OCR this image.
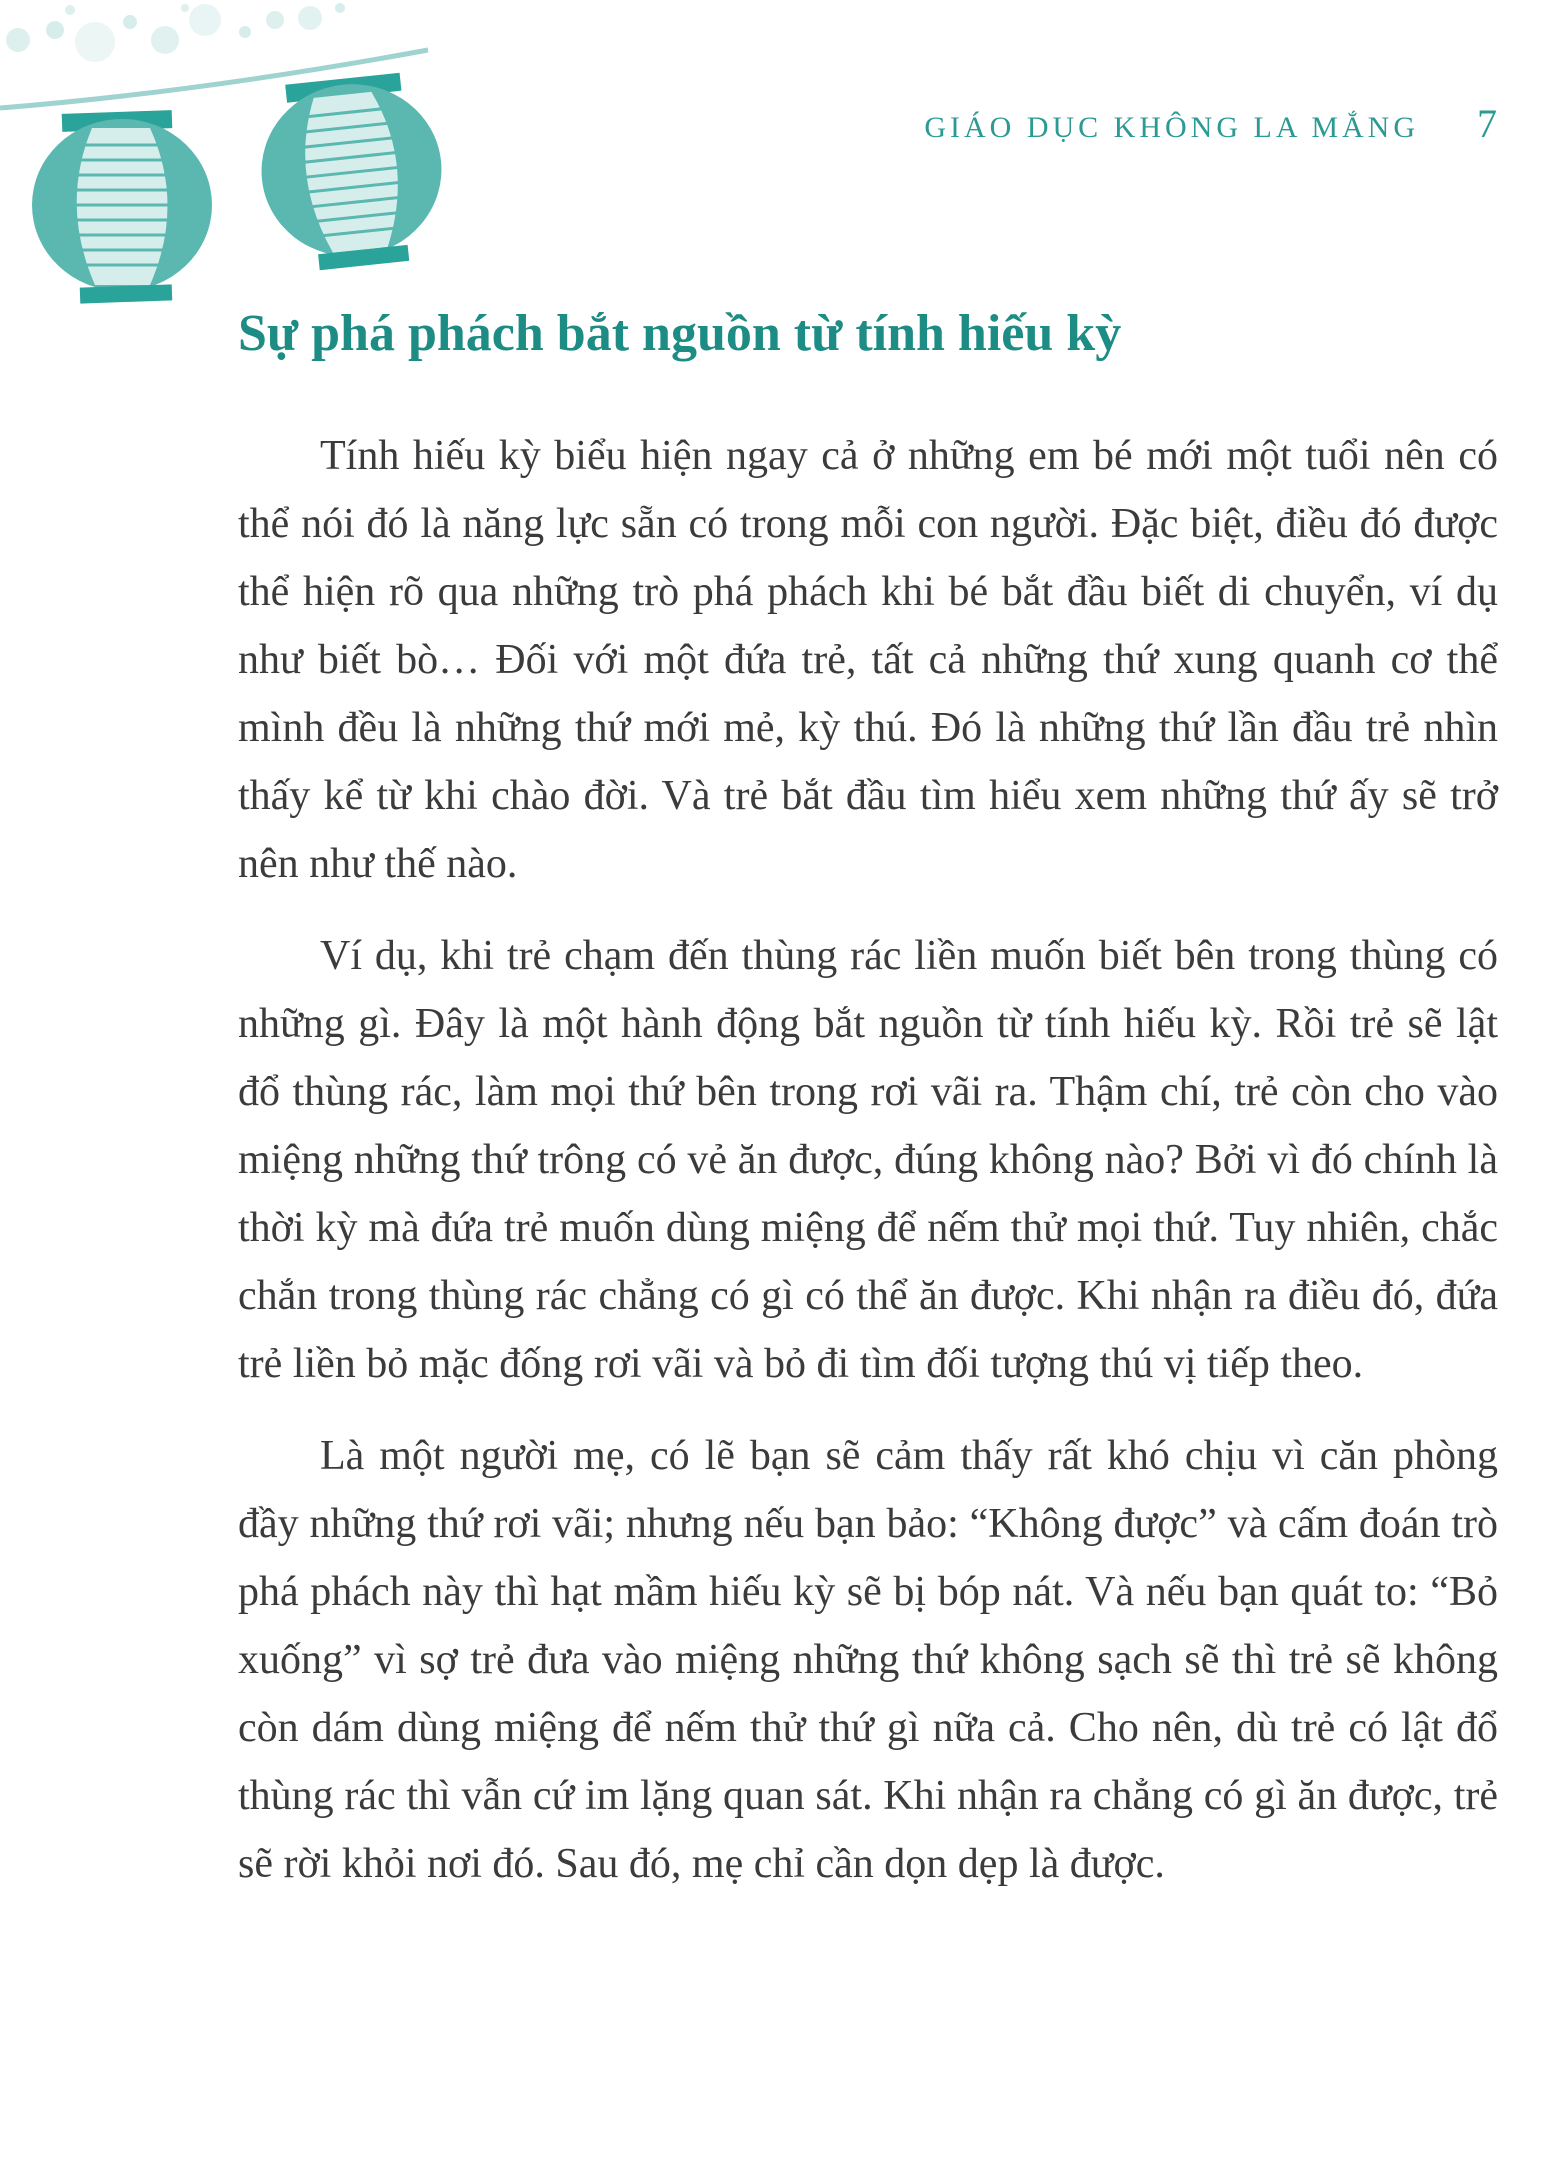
GIÁO DỤC KHÔNG LA MẮNG 7
Sự phá phách bắt nguồn từ tính hiếu kỳ

Tính hiếu kỳ biểu hiện ngay cả ở những em bé mới một tuổi nên có thể nói đó là năng lực sẵn có trong mỗi con người. Đặc biệt, điều đó được thể hiện rõ qua những trò phá phách khi bé bắt đầu biết di chuyển, ví dụ như biết bò… Đối với một đứa trẻ, tất cả những thứ xung quanh cơ thể mình đều là những thứ mới mẻ, kỳ thú. Đó là những thứ lần đầu trẻ nhìn thấy kể từ khi chào đời. Và trẻ bắt đầu tìm hiểu xem những thứ ấy sẽ trở nên như thế nào.

Ví dụ, khi trẻ chạm đến thùng rác liền muốn biết bên trong thùng có những gì. Đây là một hành động bắt nguồn từ tính hiếu kỳ. Rồi trẻ sẽ lật đổ thùng rác, làm mọi thứ bên trong rơi vãi ra. Thậm chí, trẻ còn cho vào miệng những thứ trông có vẻ ăn được, đúng không nào? Bởi vì đó chính là thời kỳ mà đứa trẻ muốn dùng miệng để nếm thử mọi thứ. Tuy nhiên, chắc chắn trong thùng rác chẳng có gì có thể ăn được. Khi nhận ra điều đó, đứa trẻ liền bỏ mặc đống rơi vãi và bỏ đi tìm đối tượng thú vị tiếp theo.

Là một người mẹ, có lẽ bạn sẽ cảm thấy rất khó chịu vì căn phòng đầy những thứ rơi vãi; nhưng nếu bạn bảo: “Không được” và cấm đoán trò phá phách này thì hạt mầm hiếu kỳ sẽ bị bóp nát. Và nếu bạn quát to: “Bỏ xuống” vì sợ trẻ đưa vào miệng những thứ không sạch sẽ thì trẻ sẽ không còn dám dùng miệng để nếm thử thứ gì nữa cả. Cho nên, dù trẻ có lật đổ thùng rác thì vẫn cứ im lặng quan sát. Khi nhận ra chẳng có gì ăn được, trẻ sẽ rời khỏi nơi đó. Sau đó, mẹ chỉ cần dọn dẹp là được.
